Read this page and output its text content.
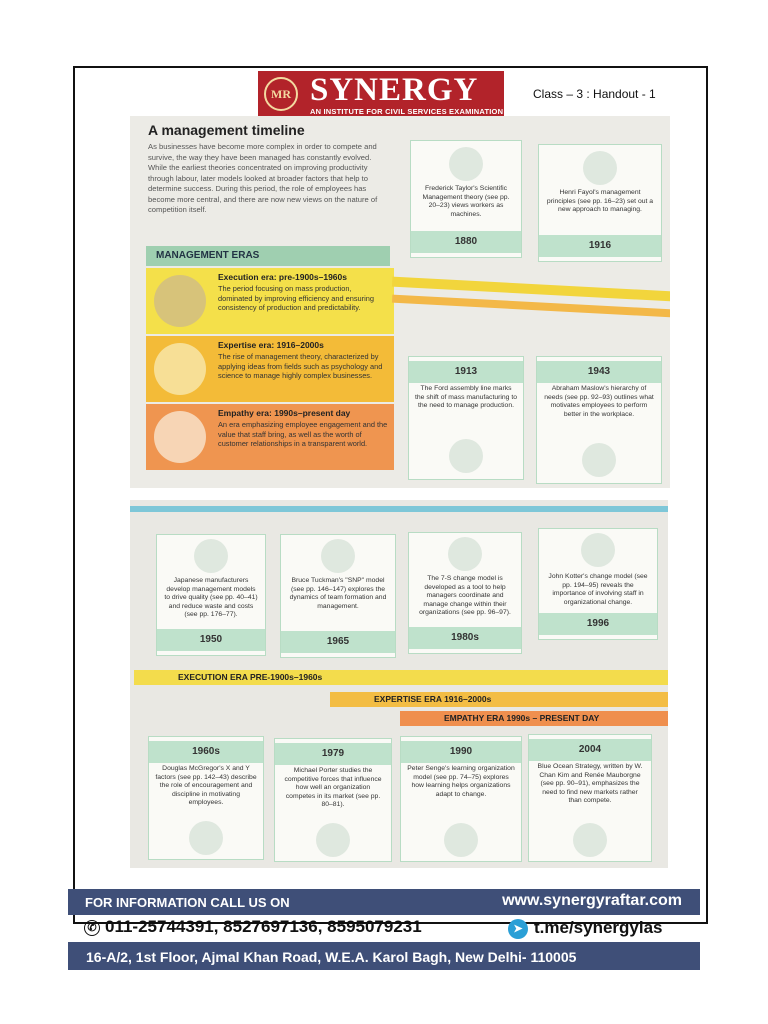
MR SYNERGY
AN INSTITUTE FOR CIVIL SERVICES EXAMINATION
Class – 3 : Handout - 1
A management timeline
As businesses have become more complex in order to compete and survive, the way they have been managed has constantly evolved. While the earliest theories concentrated on improving productivity through labour, later models looked at broader factors that help to determine success. During this period, the role of employees has become more central, and there are now new views on the nature of competition itself.
MANAGEMENT ERAS
Execution era: pre-1900s–1960s
The period focusing on mass production, dominated by improving efficiency and ensuring consistency of production and predictability.
Expertise era: 1916–2000s
The rise of management theory, characterized by applying ideas from fields such as psychology and science to manage highly complex businesses.
Empathy era: 1990s–present day
An era emphasizing employee engagement and the value that staff bring, as well as the worth of customer relationships in a transparent world.
Frederick Taylor's Scientific Management theory (see pp. 20–23) views workers as machines.
1880
Henri Fayol's management principles (see pp. 16–23) set out a new approach to managing.
1916
1913
The Ford assembly line marks the shift of mass manufacturing to the need to manage production.
1943
Abraham Maslow's hierarchy of needs (see pp. 92–93) outlines what motivates employees to perform better in the workplace.
Japanese manufacturers develop management models to drive quality (see pp. 40–41) and reduce waste and costs (see pp. 176–77).
1950
Bruce Tuckman's "SNP" model (see pp. 146–147) explores the dynamics of team formation and management.
1965
The 7-S change model is developed as a tool to help managers coordinate and manage change within their organizations (see pp. 96–97).
1980s
John Kotter's change model (see pp. 194–95) reveals the importance of involving staff in organizational change.
1996
EXECUTION ERA PRE-1900s–1960s
EXPERTISE ERA 1916–2000s
EMPATHY ERA 1990s – PRESENT DAY
1960s
Douglas McGregor's X and Y factors (see pp. 142–43) describe the role of encouragement and discipline in motivating employees.
1979
Michael Porter studies the competitive forces that influence how well an organization competes in its market (see pp. 80–81).
1990
Peter Senge's learning organization model (see pp. 74–75) explores how learning helps organizations adapt to change.
2004
Blue Ocean Strategy, written by W. Chan Kim and Renée Mauborgne (see pp. 90–91), emphasizes the need to find new markets rather than compete.
FOR INFORMATION CALL US ON	www.synergyraftar.com
✆ 011-25744391, 8527697136, 8595079231	➤ t.me/synergyias
16-A/2, 1st Floor, Ajmal Khan Road, W.E.A. Karol Bagh, New Delhi- 110005
